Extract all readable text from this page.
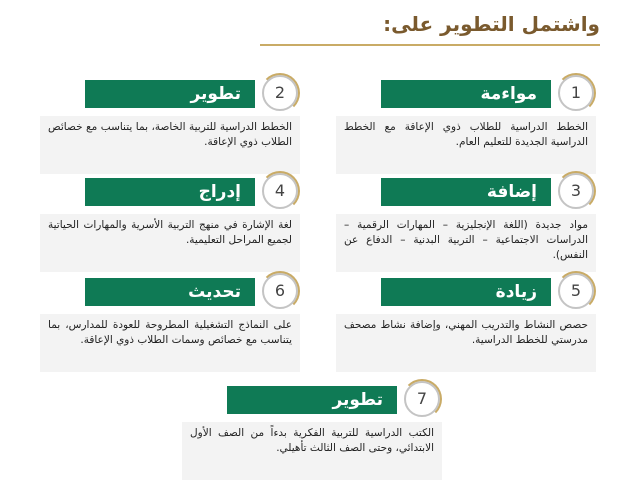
واشتمل التطوير على:
1
مواءمة
الخطط الدراسية للطلاب ذوي الإعاقة مع الخطط الدراسية الجديدة للتعليم العام.
2
تطوير
الخطط الدراسية للتربية الخاصة، بما يتناسب مع خصائص الطلاب ذوي الإعاقة.
3
إضافة
مواد جديدة (اللغة الإنجليزية – المهارات الرقمية – الدراسات الاجتماعية – التربية البدنية – الدفاع عن النفس).
4
إدراج
لغة الإشارة في منهج التربية الأسرية والمهارات الحياتية لجميع المراحل التعليمية.
5
زيادة
حصص النشاط والتدريب المهني، وإضافة نشاط مصحف مدرستي للخطط الدراسية.
6
تحديث
على النماذج التشغيلية المطروحة للعودة للمدارس، بما يتناسب مع خصائص وسمات الطلاب ذوي الإعاقة.
7
تطوير
الكتب الدراسية للتربية الفكرية بدءاً من الصف الأول الابتدائي، وحتى الصف الثالث تأهيلي.
